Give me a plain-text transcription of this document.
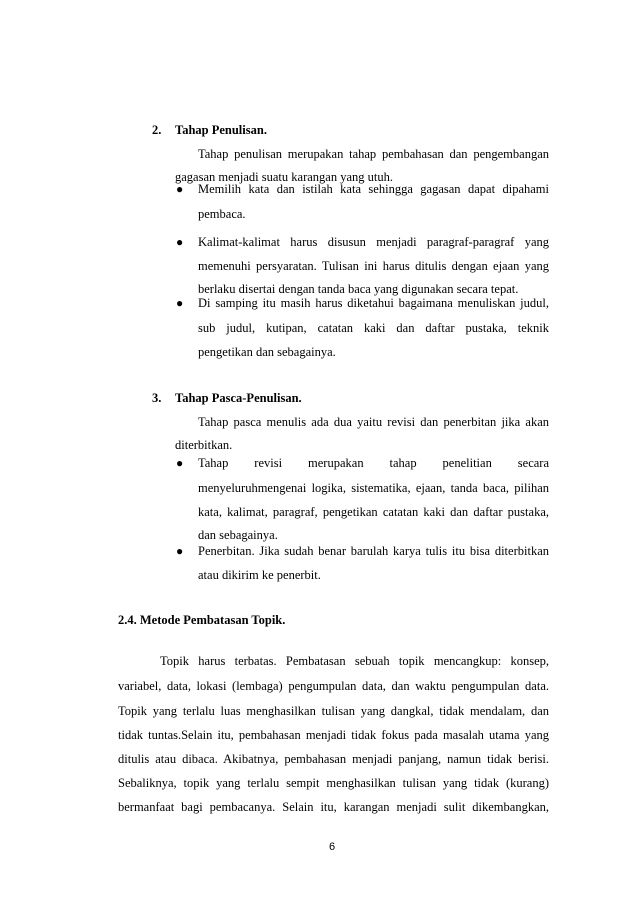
2. Tahap Penulisan.
Tahap penulisan merupakan tahap pembahasan dan pengembangan
gagasan menjadi suatu karangan yang utuh.
● Memilih kata dan istilah kata sehingga gagasan dapat dipahami
pembaca.
● Kalimat-kalimat harus disusun menjadi paragraf-paragraf yang
memenuhi persyaratan. Tulisan ini harus ditulis dengan ejaan yang
berlaku disertai dengan tanda baca yang digunakan secara tepat.
● Di samping itu masih harus diketahui bagaimana menuliskan judul,
sub judul, kutipan, catatan kaki dan daftar pustaka, teknik
pengetikan dan sebagainya.
3. Tahap Pasca-Penulisan.
Tahap pasca menulis ada dua yaitu revisi dan penerbitan jika akan
diterbitkan.
● Tahap revisi merupakan tahap penelitian secara
menyeluruhmengenai logika, sistematika, ejaan, tanda baca, pilihan
kata, kalimat, paragraf, pengetikan catatan kaki dan daftar pustaka,
dan sebagainya.
● Penerbitan. Jika sudah benar barulah karya tulis itu bisa diterbitkan
atau dikirim ke penerbit.
2.4. Metode Pembatasan Topik.
Topik harus terbatas. Pembatasan sebuah topik mencangkup: konsep,
variabel, data, lokasi (lembaga) pengumpulan data, dan waktu pengumpulan data.
Topik yang terlalu luas menghasilkan tulisan yang dangkal, tidak mendalam, dan
tidak tuntas.Selain itu, pembahasan menjadi tidak fokus pada masalah utama yang
ditulis atau dibaca. Akibatnya, pembahasan menjadi panjang, namun tidak berisi.
Sebaliknya, topik yang terlalu sempit menghasilkan tulisan yang tidak (kurang)
bermanfaat bagi pembacanya. Selain itu, karangan menjadi sulit dikembangkan,
6
